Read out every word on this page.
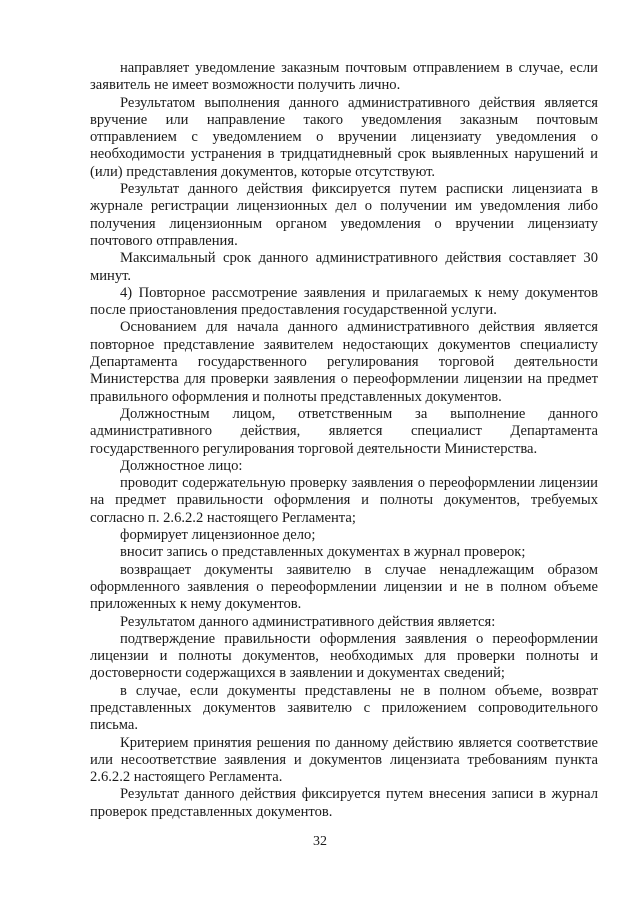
направляет уведомление заказным почтовым отправлением в случае, если заявитель не имеет возможности получить лично.

Результатом выполнения данного административного действия является вручение или направление такого уведомления заказным почтовым отправлением с уведомлением о вручении лицензиату уведомления о необходимости устранения в тридцатидневный срок выявленных нарушений и (или) представления документов, которые отсутствуют.

Результат данного действия фиксируется путем расписки лицензиата в журнале регистрации лицензионных дел о получении им уведомления либо получения лицензионным органом уведомления о вручении лицензиату почтового отправления.

Максимальный срок данного административного действия составляет 30 минут.

4) Повторное рассмотрение заявления и прилагаемых к нему документов после приостановления предоставления государственной услуги.

Основанием для начала данного административного действия является повторное представление заявителем недостающих документов специалисту Департамента государственного регулирования торговой деятельности Министерства для проверки заявления о переоформлении лицензии на предмет правильного оформления и полноты представленных документов.

Должностным лицом, ответственным за выполнение данного административного действия, является специалист Департамента государственного регулирования торговой деятельности Министерства.

Должностное лицо:

проводит содержательную проверку заявления о переоформлении лицензии на предмет правильности оформления и полноты документов, требуемых согласно п. 2.6.2.2 настоящего Регламента;

формирует лицензионное дело;

вносит запись о представленных документах в журнал проверок;

возвращает документы заявителю в случае ненадлежащим образом оформленного заявления о переоформлении лицензии и не в полном объеме приложенных к нему документов.

Результатом данного административного действия является:

подтверждение правильности оформления заявления о переоформлении лицензии и полноты документов, необходимых для проверки полноты и достоверности содержащихся в заявлении и документах сведений;

в случае, если документы представлены не в полном объеме, возврат представленных документов заявителю с приложением сопроводительного письма.

Критерием принятия решения по данному действию является соответствие или несоответствие заявления и документов лицензиата требованиям пункта 2.6.2.2 настоящего Регламента.

Результат данного действия фиксируется путем внесения записи в журнал проверок представленных документов.

32
